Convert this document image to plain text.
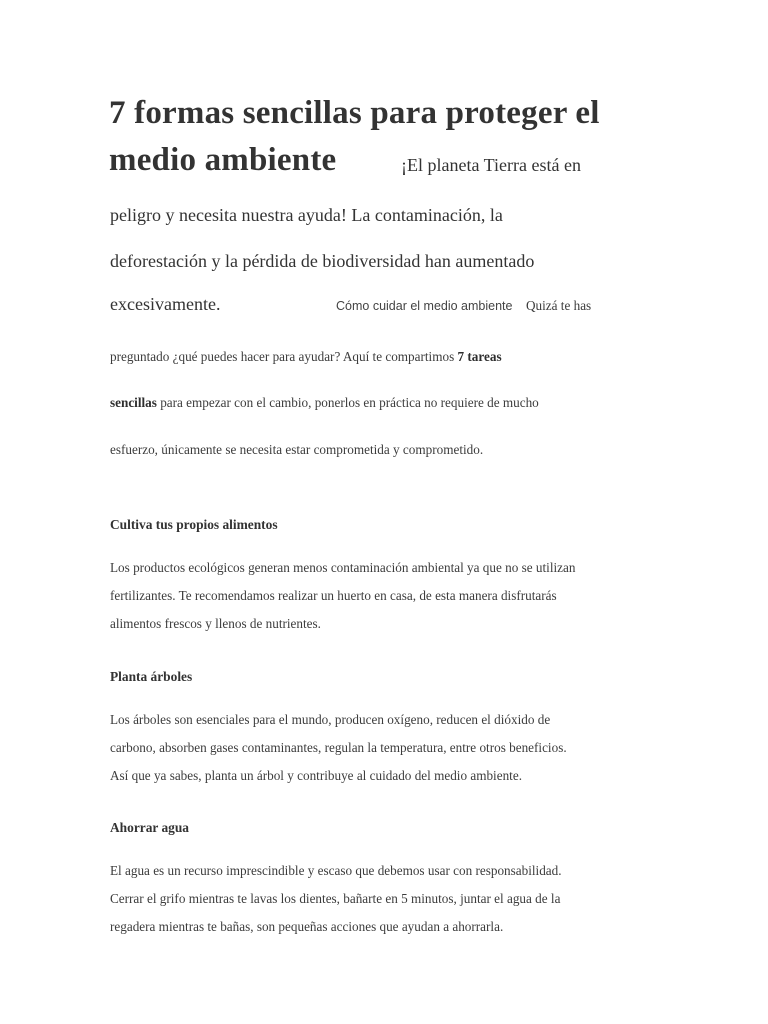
7 formas sencillas para proteger el
medio ambiente	¡El planeta Tierra está en
peligro y necesita nuestra ayuda! La contaminación, la
deforestación y la pérdida de biodiversidad han aumentado
excesivamente.	Cómo cuidar el medio ambiente Quizá te has
preguntado ¿qué puedes hacer para ayudar? Aquí te compartimos 7 tareas
sencillas para empezar con el cambio, ponerlos en práctica no requiere de mucho
esfuerzo, únicamente se necesita estar comprometida y comprometido.
Cultiva tus propios alimentos
Los productos ecológicos generan menos contaminación ambiental ya que no se utilizan
fertilizantes. Te recomendamos realizar un huerto en casa, de esta manera disfrutarás
alimentos frescos y llenos de nutrientes.
Planta árboles
Los árboles son esenciales para el mundo, producen oxígeno, reducen el dióxido de
carbono, absorben gases contaminantes, regulan la temperatura, entre otros beneficios.
Así que ya sabes, planta un árbol y contribuye al cuidado del medio ambiente.
Ahorrar agua
El agua es un recurso imprescindible y escaso que debemos usar con responsabilidad.
Cerrar el grifo mientras te lavas los dientes, bañarte en 5 minutos, juntar el agua de la
regadera mientras te bañas, son pequeñas acciones que ayudan a ahorrarla.
